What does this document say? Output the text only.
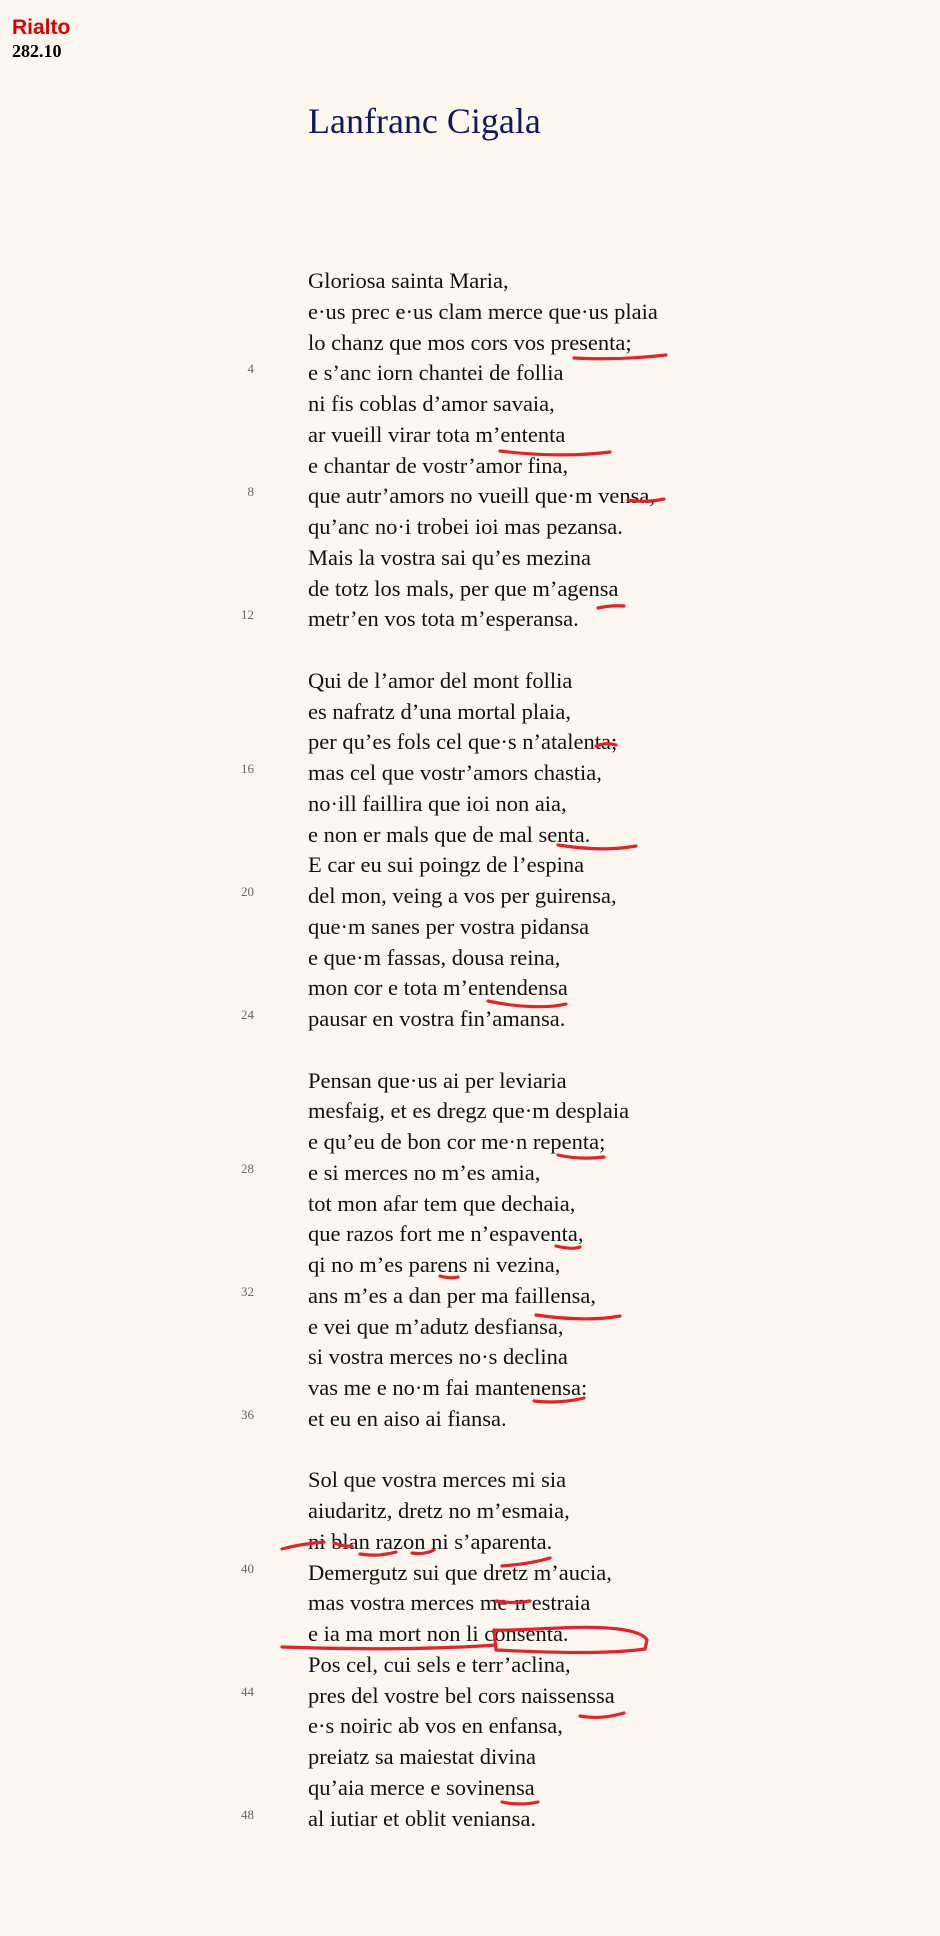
Rialto
282.10
Lanfranc Cigala
Gloriosa sainta Maria,
e·us prec e·us clam merce que·us plaia
lo chanz que mos cors vos presenta;
4 e s’anc iorn chantei de follia
ni fis coblas d’amor savaia,
ar vueill virar tota m’ententa
e chantar de vostr’amor fina,
8 que autr’amors no vueill que·m vensa,
qu’anc no·i trobei ioi mas pezansa.
Mais la vostra sai qu’es mezina
de totz los mals, per que m’agensa
12 metr’en vos tota m’esperansa.
Qui de l’amor del mont follia
es nafratz d’una mortal plaia,
per qu’es fols cel que·s n’atalenta;
16 mas cel que vostr’amors chastia,
no·ill faillira que ioi non aia,
e non er mals que de mal senta.
E car eu sui poingz de l’espina
20 del mon, veing a vos per guirensa,
que·m sanes per vostra pidansa
e que·m fassas, dousa reina,
mon cor e tota m’entendensa
24 pausar en vostra fin’amansa.
Pensan que·us ai per leviaria
mesfaig, et es dregz que·m desplaia
e qu’eu de bon cor me·n repenta;
28 e si merces no m’es amia,
tot mon afar tem que dechaia,
que razos fort me n’espaventa,
qi no m’es parens ni vezina,
32 ans m’es a dan per ma faillensa,
e vei que m’adutz desfiansa,
si vostra merces no·s declina
vas me e no·m fai mantenensa:
36 et eu en aiso ai fiansa.
Sol que vostra merces mi sia
aiudaritz, dretz no m’esmaia,
ni blan razon ni s’aparenta.
40 Demergutz sui que dretz m’aucia,
mas vostra merces me·n estraia
e ia ma mort non li consenta.
Pos cel, cui sels e terr’aclina,
44 pres del vostre bel cors naissenssa
e·s noiric ab vos en enfansa,
preiatz sa maiestat divina
qu’aia merce e sovinensa
48 al iutiar et oblit veniansa.
